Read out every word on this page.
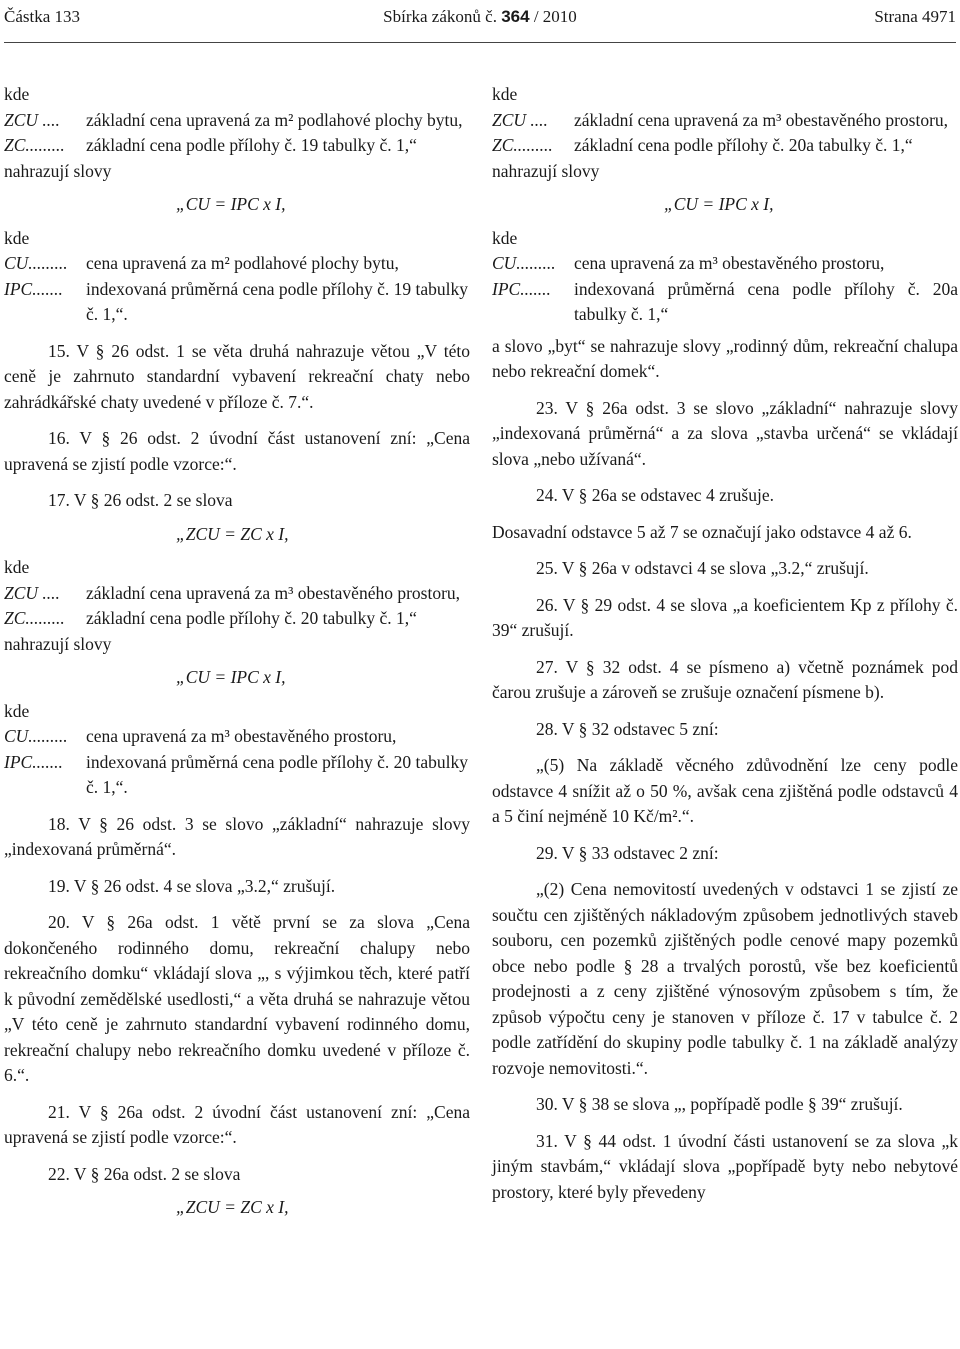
Částka 133	Sbírka zákonů č. 364 / 2010	Strana 4971

kde

ZCU ....	základní cena upravená za m² podlahové plochy bytu,
ZC.........	základní cena podle přílohy č. 19 tabulky č. 1,“

nahrazují slovy

„CU = IPC x I,

kde

CU.........	cena upravená za m² podlahové plochy bytu,
IPC.......	indexovaná průměrná cena podle přílohy č. 19 tabulky č. 1,“.

15. V § 26 odst. 1 se věta druhá nahrazuje větou „V této ceně je zahrnuto standardní vybavení rekreační chaty nebo zahrádkářské chaty uvedené v příloze č. 7.“.

16. V § 26 odst. 2 úvodní část ustanovení zní: „Cena upravená se zjistí podle vzorce:“.

17. V § 26 odst. 2 se slova

„ZCU = ZC x I,

kde

ZCU ....	základní cena upravená za m³ obestavěného prostoru,
ZC.........	základní cena podle přílohy č. 20 tabulky č. 1,“

nahrazují slovy

„CU = IPC x I,

kde

CU.........	cena upravená za m³ obestavěného prostoru,
IPC.......	indexovaná průměrná cena podle přílohy č. 20 tabulky č. 1,“.

18. V § 26 odst. 3 se slovo „základní“ nahrazuje slovy „indexovaná průměrná“.

19. V § 26 odst. 4 se slova „3.2,“ zrušují.

20. V § 26a odst. 1 větě první se za slova „Cena dokončeného rodinného domu, rekreační chalupy nebo rekreačního domku“ vkládají slova „, s výjimkou těch, které patří k původní zemědělské usedlosti,“ a věta druhá se nahrazuje větou „V této ceně je zahrnuto standardní vybavení rodinného domu, rekreační chalupy nebo rekreačního domku uvedené v příloze č. 6.“.

21. V § 26a odst. 2 úvodní část ustanovení zní: „Cena upravená se zjistí podle vzorce:“.

22. V § 26a odst. 2 se slova

„ZCU = ZC x I,

kde

ZCU ....	základní cena upravená za m³ obestavěného prostoru,
ZC.........	základní cena podle přílohy č. 20a tabulky č. 1,“

nahrazují slovy

„CU = IPC x I,

kde

CU.........	cena upravená za m³ obestavěného prostoru,
IPC.......	indexovaná průměrná cena podle přílohy č. 20a tabulky č. 1,“

a slovo „byt“ se nahrazuje slovy „rodinný dům, rekreační chalupa nebo rekreační domek“.

23. V § 26a odst. 3 se slovo „základní“ nahrazuje slovy „indexovaná průměrná“ a za slova „stavba určená“ se vkládají slova „nebo užívaná“.

24. V § 26a se odstavec 4 zrušuje.

Dosavadní odstavce 5 až 7 se označují jako odstavce 4 až 6.

25. V § 26a v odstavci 4 se slova „3.2,“ zrušují.

26. V § 29 odst. 4 se slova „a koeficientem Kp z přílohy č. 39“ zrušují.

27. V § 32 odst. 4 se písmeno a) včetně poznámek pod čarou zrušuje a zároveň se zrušuje označení písmene b).

28. V § 32 odstavec 5 zní:

„(5) Na základě věcného zdůvodnění lze ceny podle odstavce 4 snížit až o 50 %, avšak cena zjištěná podle odstavců 4 a 5 činí nejméně 10 Kč/m².“.

29. V § 33 odstavec 2 zní:

„(2) Cena nemovitostí uvedených v odstavci 1 se zjistí ze součtu cen zjištěných nákladovým způsobem jednotlivých staveb souboru, cen pozemků zjištěných podle cenové mapy pozemků obce nebo podle § 28 a trvalých porostů, vše bez koeficientů prodejnosti a z ceny zjištěné výnosovým způsobem s tím, že způsob výpočtu ceny je stanoven v příloze č. 17 v tabulce č. 2 podle zatřídění do skupiny podle tabulky č. 1 na základě analýzy rozvoje nemovitosti.“.

30. V § 38 se slova „, popřípadě podle § 39“ zrušují.

31. V § 44 odst. 1 úvodní části ustanovení se za slova „k jiným stavbám,“ vkládají slova „popřípadě byty nebo nebytové prostory, které byly převedeny
